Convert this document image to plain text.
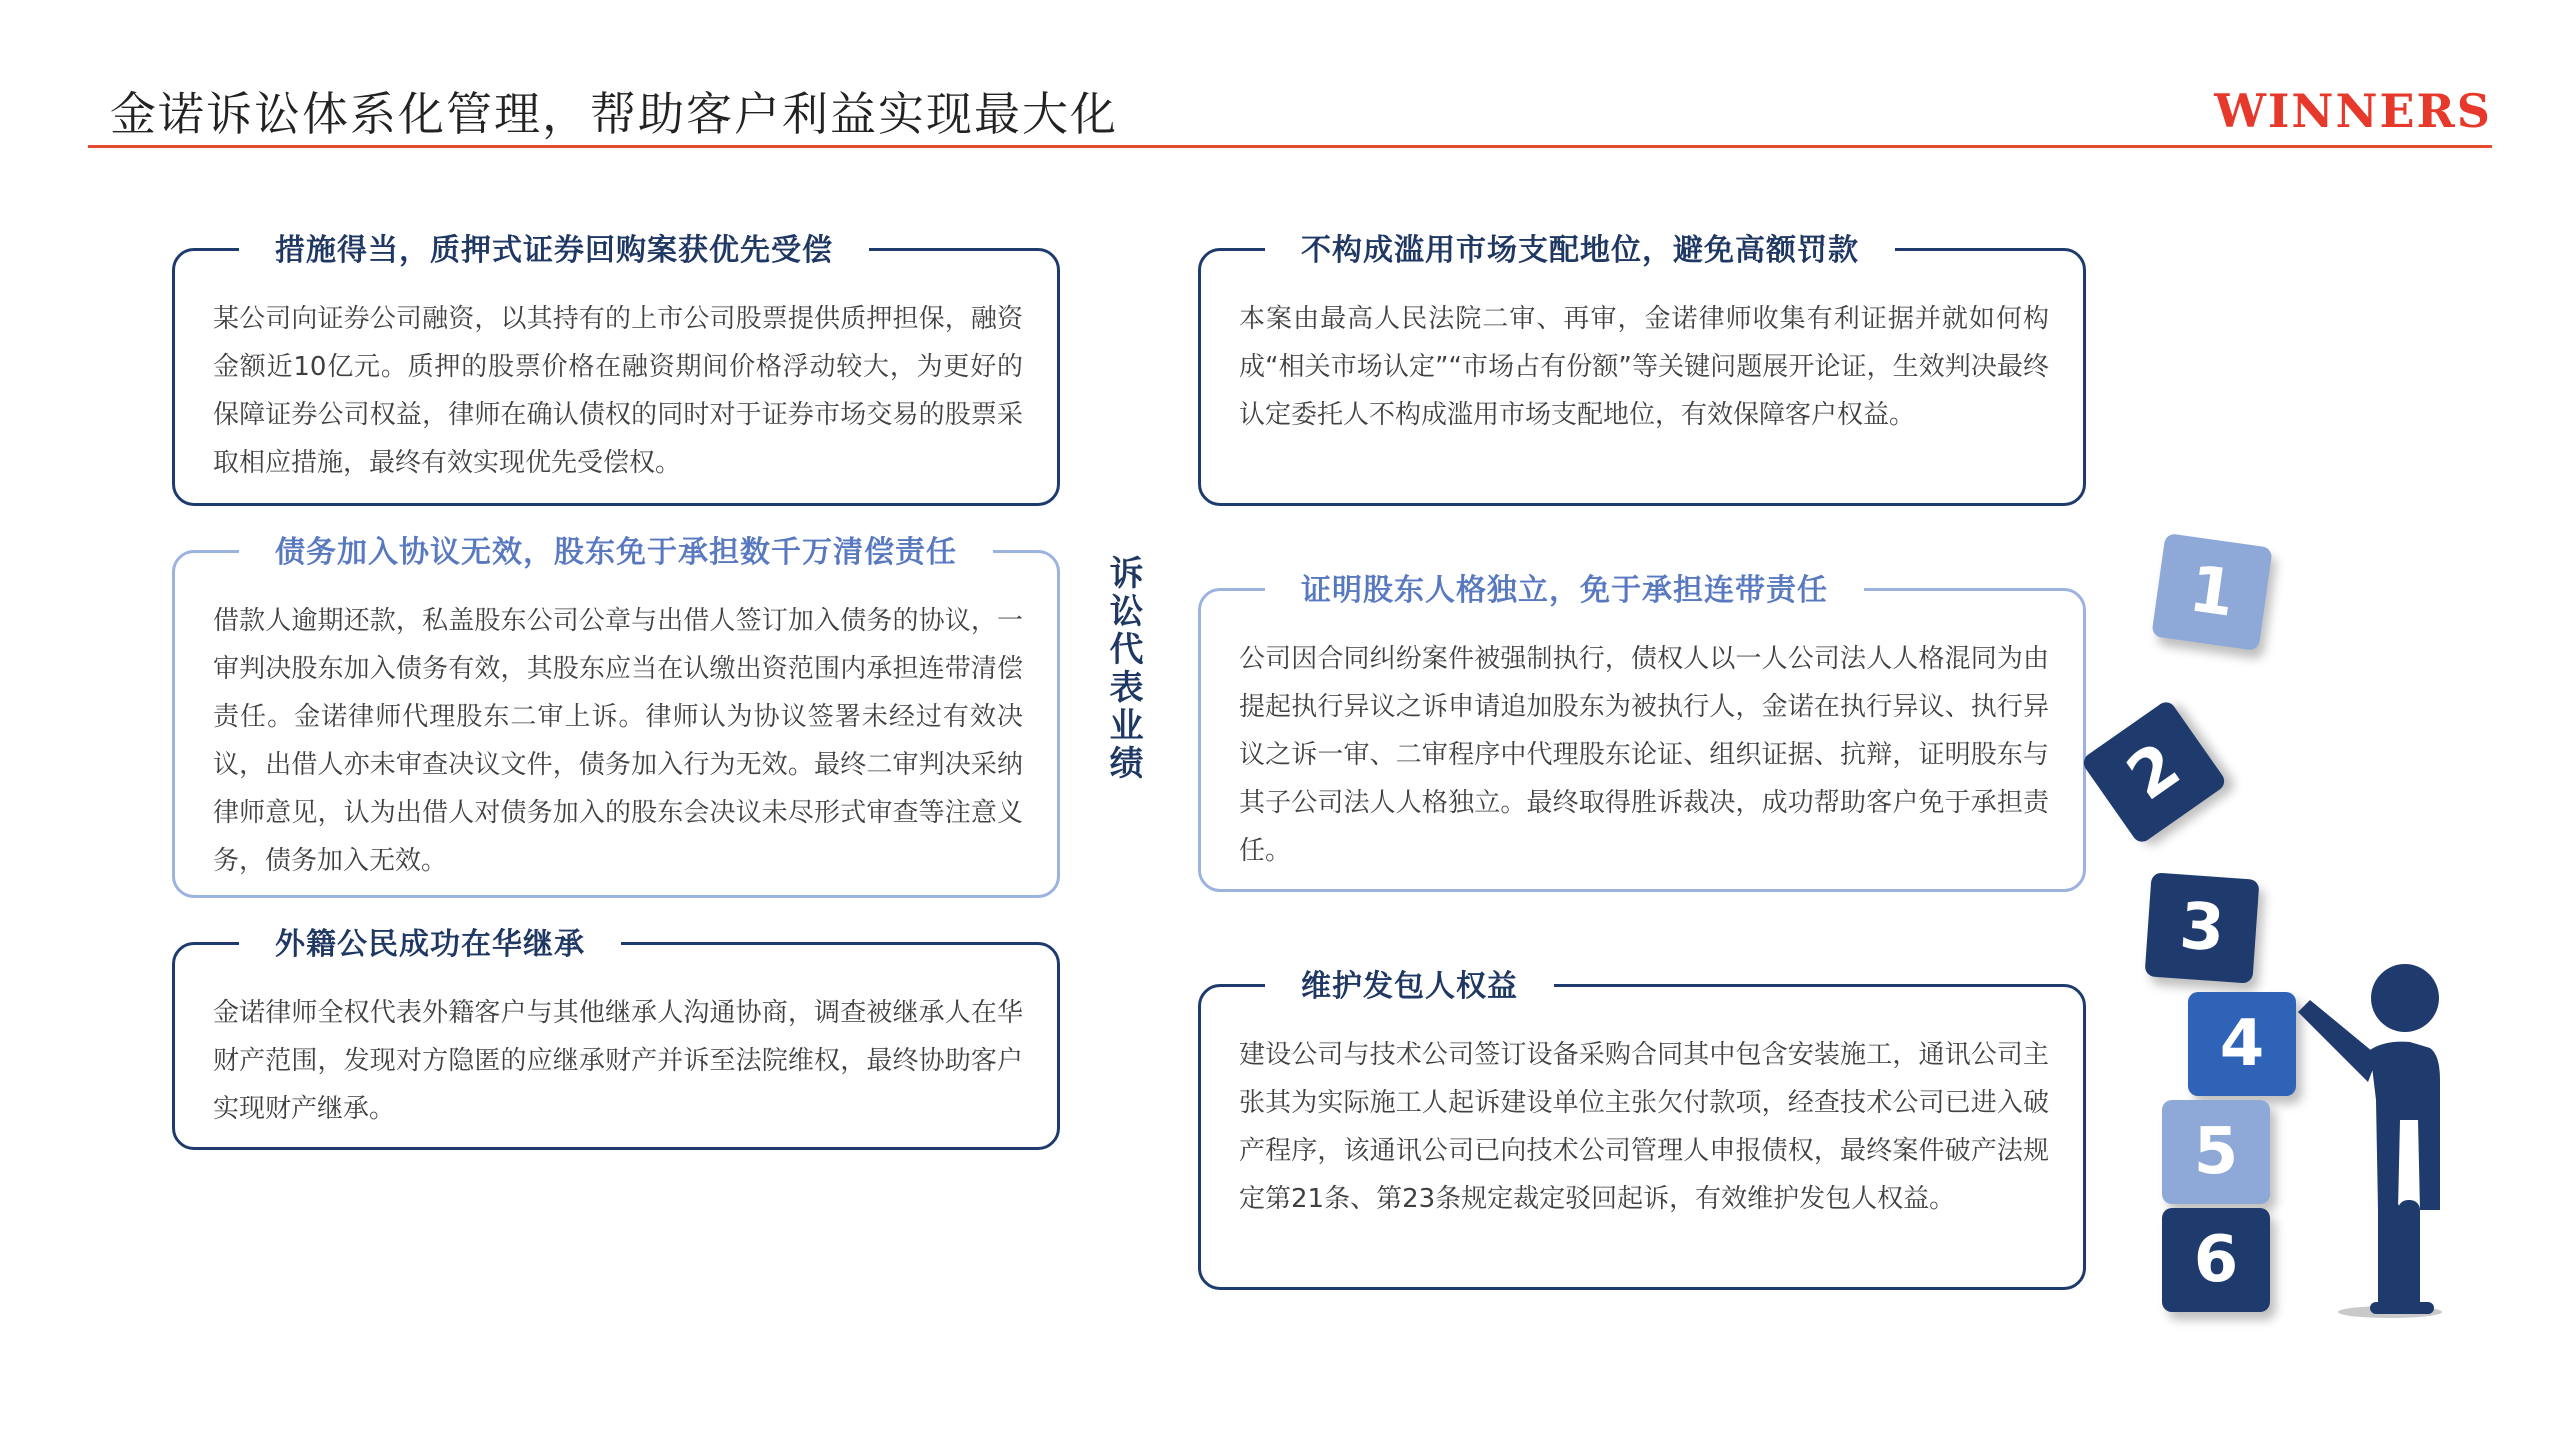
金诺诉讼体系化管理，帮助客户利益实现最大化	WINNERS
措施得当，质押式证券回购案获优先受偿
某公司向证券公司融资，以其持有的上市公司股票提供质押担保，融资金额近10亿元。质押的股票价格在融资期间价格浮动较大，为更好的保障证券公司权益，律师在确认债权的同时对于证券市场交易的股票采取相应措施，最终有效实现优先受偿权。
债务加入协议无效，股东免于承担数千万清偿责任
借款人逾期还款，私盖股东公司公章与出借人签订加入债务的协议，一审判决股东加入债务有效，其股东应当在认缴出资范围内承担连带清偿责任。金诺律师代理股东二审上诉。律师认为协议签署未经过有效决议，出借人亦未审查决议文件，债务加入行为无效。最终二审判决采纳律师意见，认为出借人对债务加入的股东会决议未尽形式审查等注意义务，债务加入无效。
外籍公民成功在华继承
金诺律师全权代表外籍客户与其他继承人沟通协商，调查被继承人在华财产范围，发现对方隐匿的应继承财产并诉至法院维权，最终协助客户实现财产继承。
诉讼代表业绩
不构成滥用市场支配地位，避免高额罚款
本案由最高人民法院二审、再审，金诺律师收集有利证据并就如何构成“相关市场认定”“市场占有份额”等关键问题展开论证，生效判决最终认定委托人不构成滥用市场支配地位，有效保障客户权益。
证明股东人格独立，免于承担连带责任
公司因合同纠纷案件被强制执行，债权人以一人公司法人人格混同为由提起执行异议之诉申请追加股东为被执行人，金诺在执行异议、执行异议之诉一审、二审程序中代理股东论证、组织证据、抗辩，证明股东与其子公司法人人格独立。最终取得胜诉裁决，成功帮助客户免于承担责任。
维护发包人权益
建设公司与技术公司签订设备采购合同其中包含安装施工，通讯公司主张其为实际施工人起诉建设单位主张欠付款项，经查技术公司已进入破产程序，该通讯公司已向技术公司管理人申报债权，最终案件破产法规定第21条、第23条规定裁定驳回起诉，有效维护发包人权益。
1
2
3
4
5
6
